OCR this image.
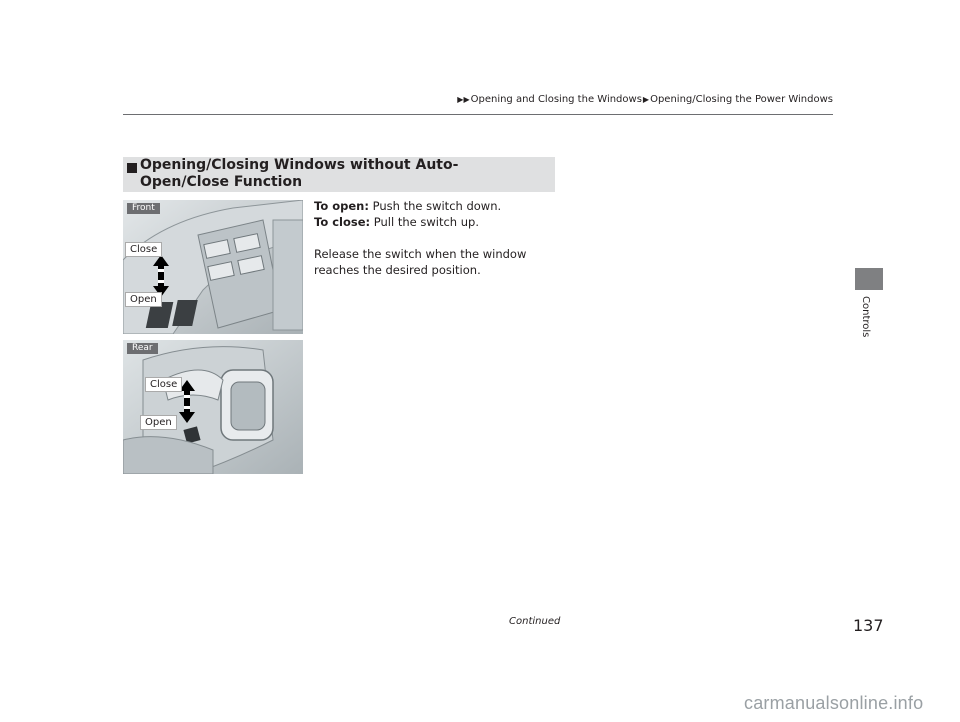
▶▶Opening and Closing the Windows▶Opening/Closing the Power Windows
Controls
Opening/Closing Windows without Auto-Open/Close Function

To open: Push the switch down.

To close: Pull the switch up.

Release the switch when the window reaches the desired position.

Front
Close
Open
Rear
Close
Open
Continued	137
carmanualsonline.info
